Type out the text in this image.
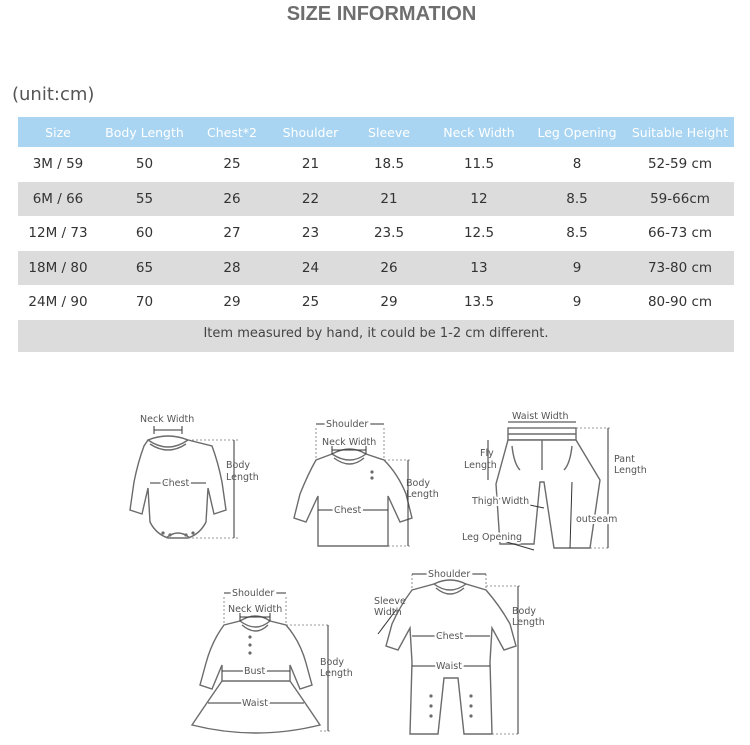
SIZE INFORMATION
(unit:cm)
Size	Body Length	Chest*2	Shoulder	Sleeve	Neck Width	Leg Opening	Suitable Height
3M / 59	50	25	21	18.5	11.5	8	52-59 cm
6M / 66	55	26	22	21	12	8.5	59-66cm
12M / 73	60	27	23	23.5	12.5	8.5	66-73 cm
18M / 80	65	28	24	26	13	9	73-80 cm
24M / 90	70	29	25	29	13.5	9	80-90 cm
Item measured by hand, it could be 1-2 cm different.							
Neck Width
Chest
Body
Length
Shoulder
Neck Width
Chest
Body
Length
Waist Width
Fly
Length
Pant
Length
Thigh Width
outseam
Leg Opening
Shoulder
Neck Width
Bust
Waist
Body
Length
Shoulder
Sleeve
Width
Chest
Waist
Body
Length
